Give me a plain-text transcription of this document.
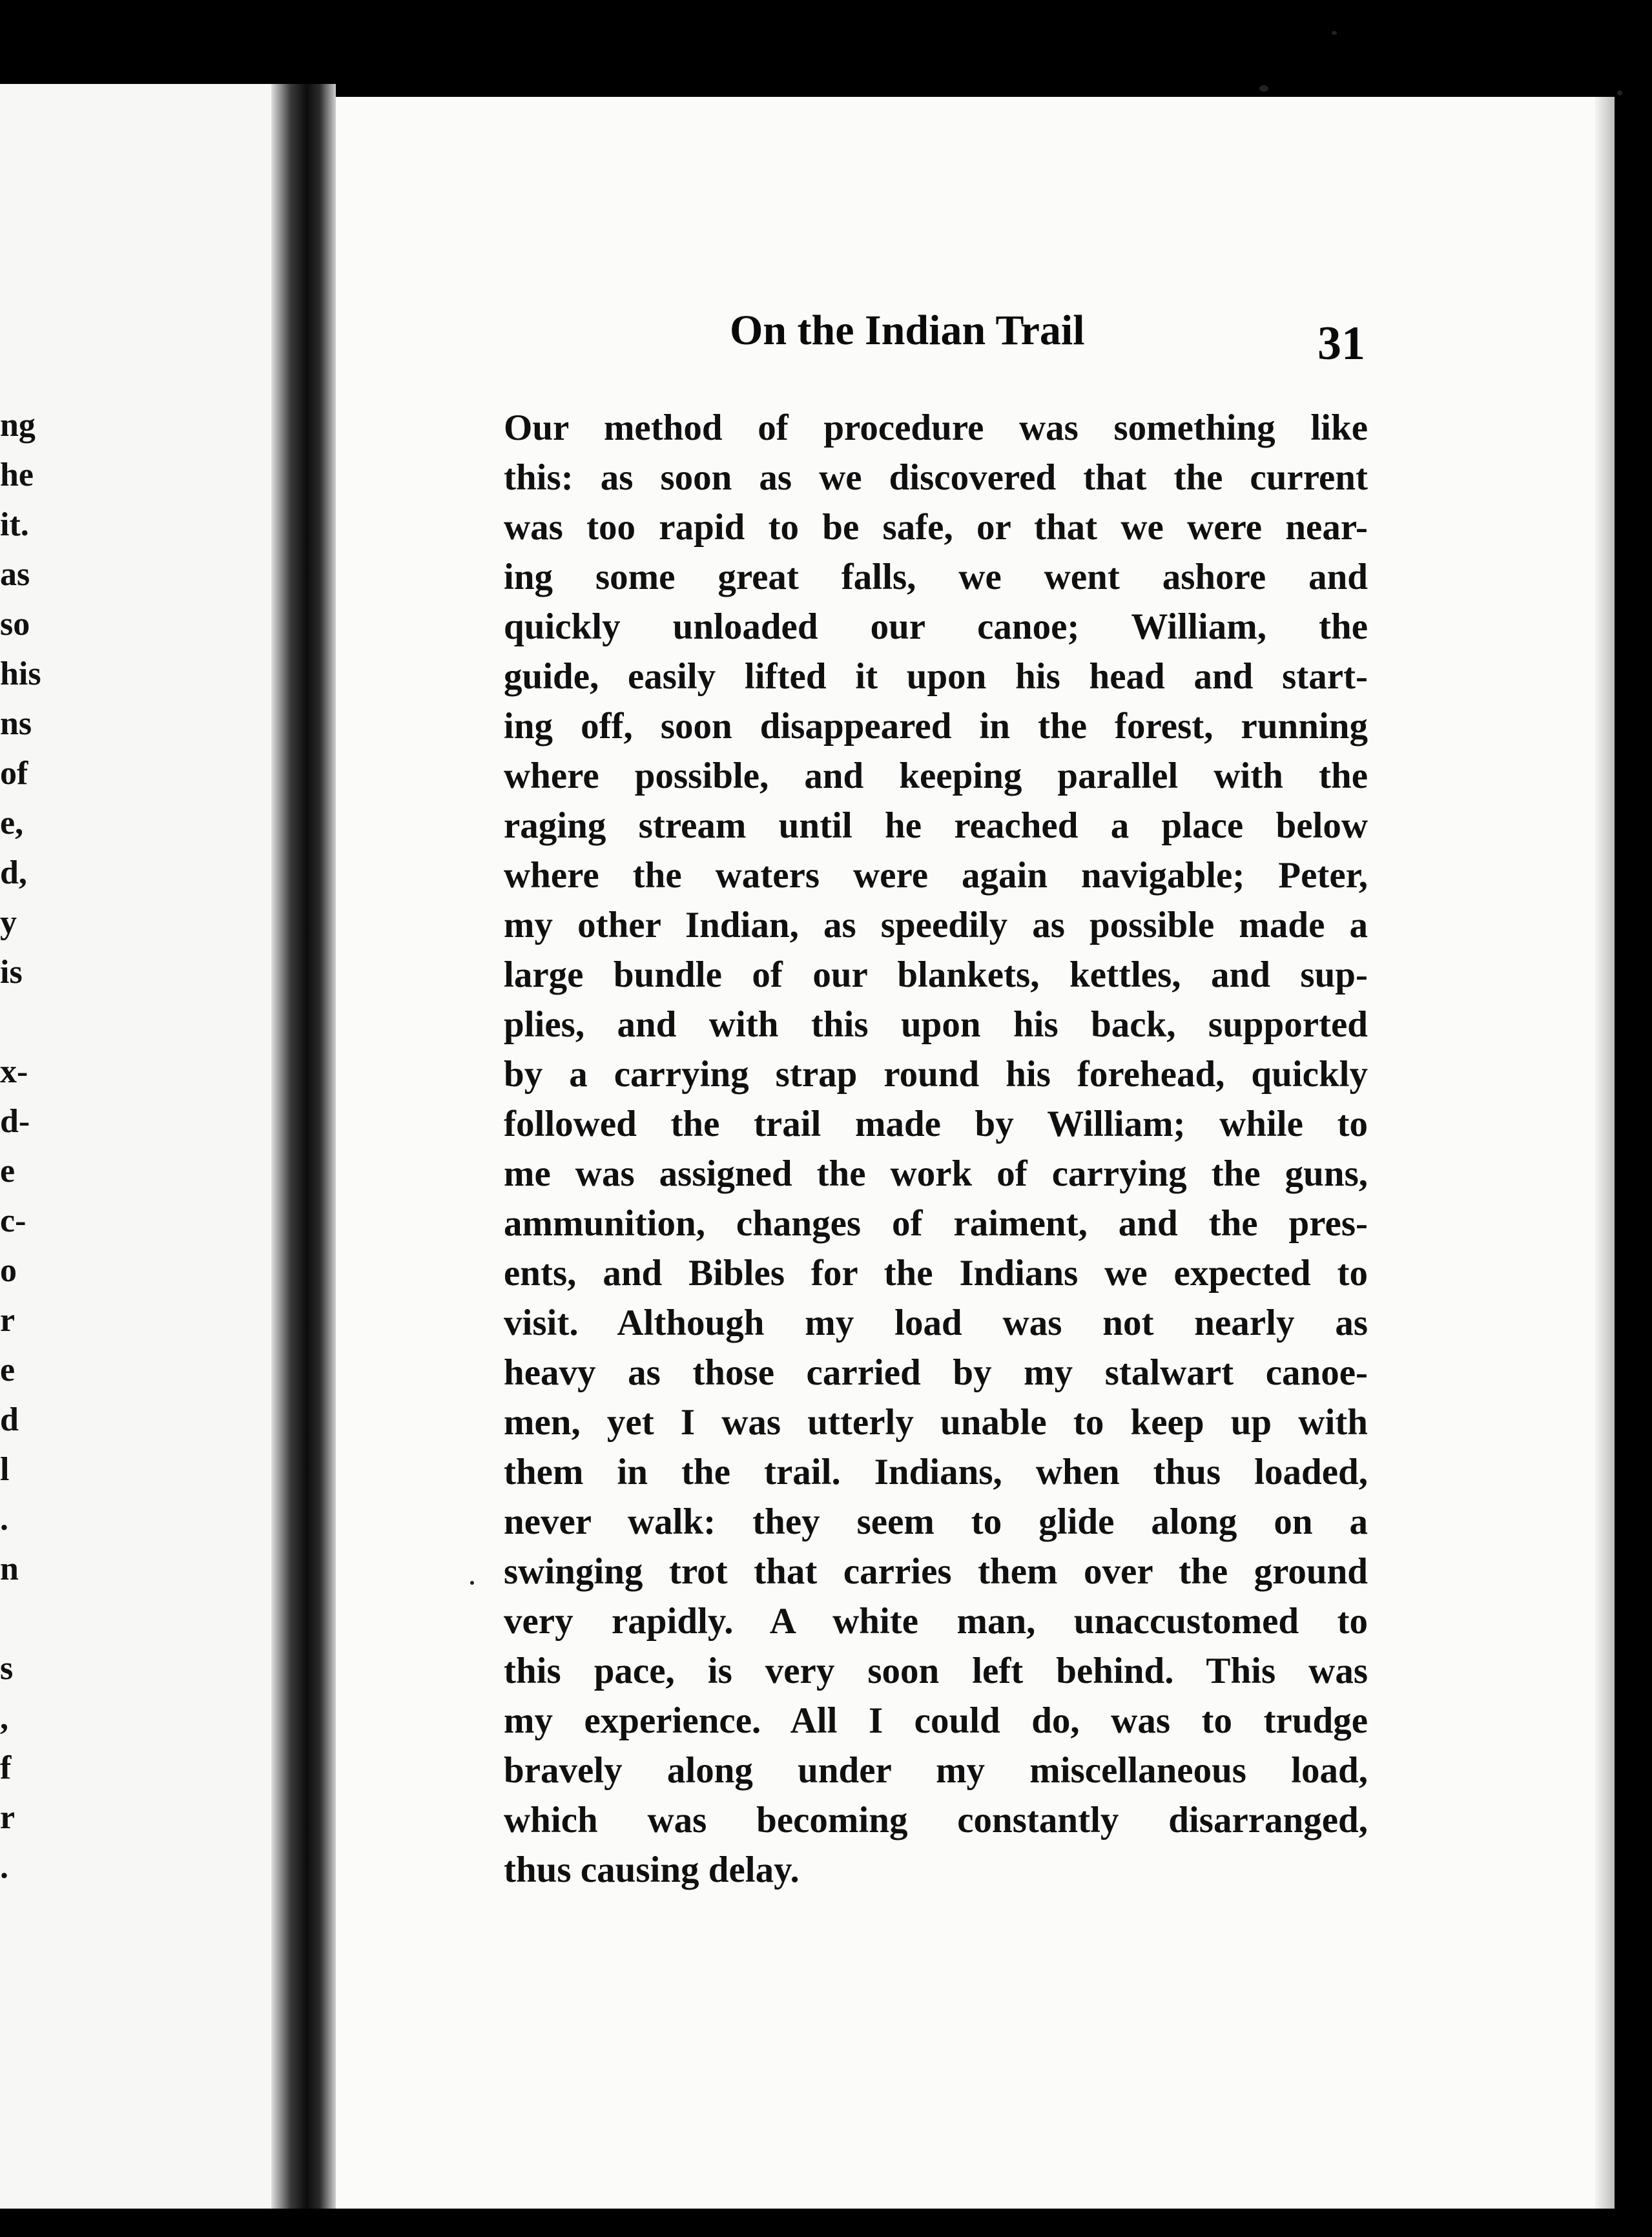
ng
he
it.
as
so
his
ns
of
e,
d,
y
is

x-
d-
e
c-
o
r
e
d
l
.
n

s
,
f
r
.
On the Indian Trail	31
Our method of procedure was something like
this: as soon as we discovered that the current
was too rapid to be safe, or that we were near-
ing some great falls, we went ashore and
quickly unloaded our canoe; William, the
guide, easily lifted it upon his head and start-
ing off, soon disappeared in the forest, running
where possible, and keeping parallel with the
raging stream until he reached a place below
where the waters were again navigable; Peter,
my other Indian, as speedily as possible made a
large bundle of our blankets, kettles, and sup-
plies, and with this upon his back, supported
by a carrying strap round his forehead, quickly
followed the trail made by William; while to
me was assigned the work of carrying the guns,
ammunition, changes of raiment, and the pres-
ents, and Bibles for the Indians we expected to
visit. Although my load was not nearly as
heavy as those carried by my stalwart canoe-
men, yet I was utterly unable to keep up with
them in the trail. Indians, when thus loaded,
never walk: they seem to glide along on a
swinging trot that carries them over the ground
very rapidly. A white man, unaccustomed to
this pace, is very soon left behind. This was
my experience. All I could do, was to trudge
bravely along under my miscellaneous load,
which was becoming constantly disarranged,
thus causing delay.
